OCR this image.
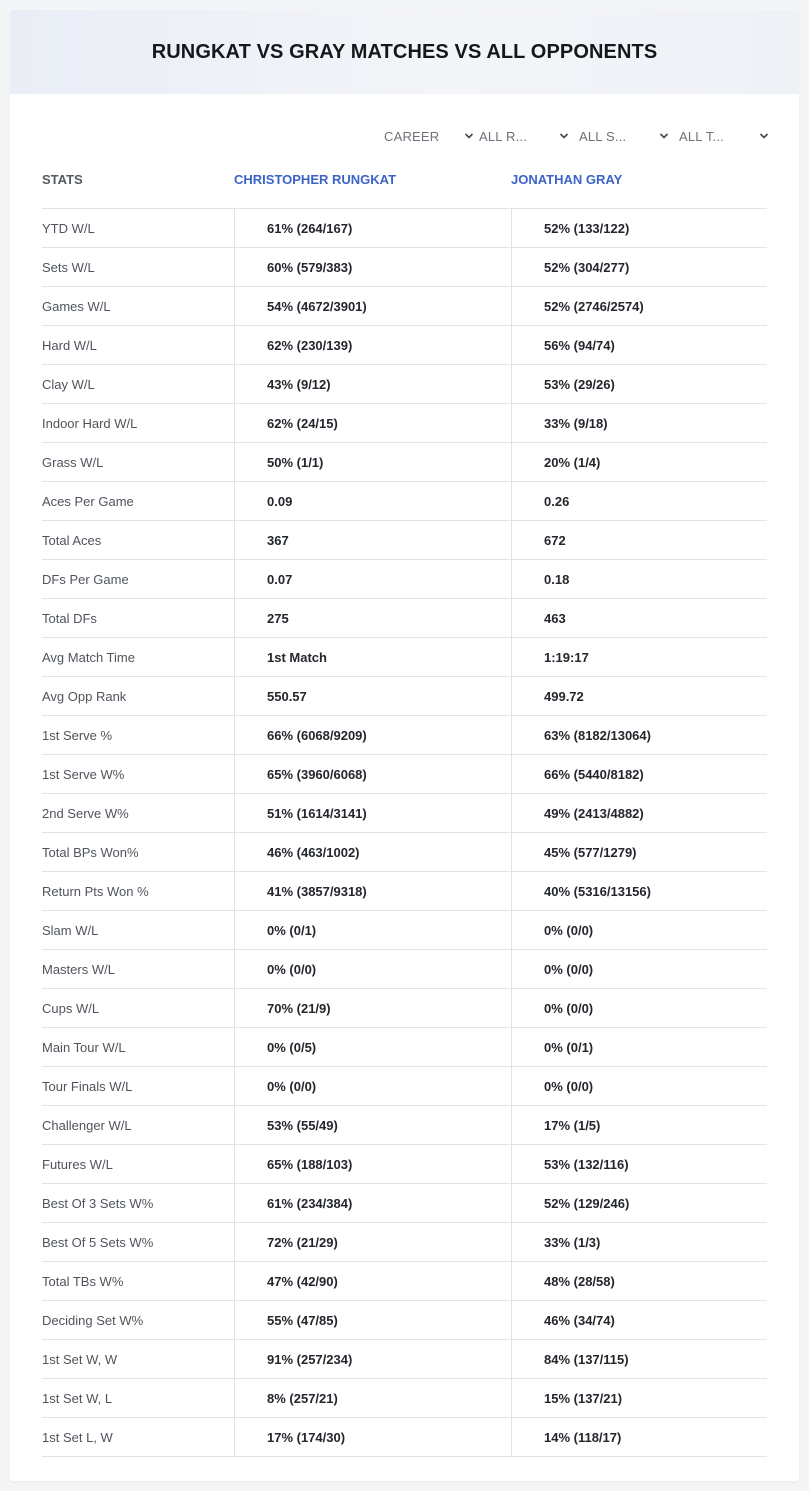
RUNGKAT VS GRAY MATCHES VS ALL OPPONENTS
CAREER	ALL R...	ALL S...	ALL T...
STATS	CHRISTOPHER RUNGKAT	JONATHAN GRAY
YTD W/L	61% (264/167)	52% (133/122)
Sets W/L	60% (579/383)	52% (304/277)
Games W/L	54% (4672/3901)	52% (2746/2574)
Hard W/L	62% (230/139)	56% (94/74)
Clay W/L	43% (9/12)	53% (29/26)
Indoor Hard W/L	62% (24/15)	33% (9/18)
Grass W/L	50% (1/1)	20% (1/4)
Aces Per Game	0.09	0.26
Total Aces	367	672
DFs Per Game	0.07	0.18
Total DFs	275	463
Avg Match Time	1st Match	1:19:17
Avg Opp Rank	550.57	499.72
1st Serve %	66% (6068/9209)	63% (8182/13064)
1st Serve W%	65% (3960/6068)	66% (5440/8182)
2nd Serve W%	51% (1614/3141)	49% (2413/4882)
Total BPs Won%	46% (463/1002)	45% (577/1279)
Return Pts Won %	41% (3857/9318)	40% (5316/13156)
Slam W/L	0% (0/1)	0% (0/0)
Masters W/L	0% (0/0)	0% (0/0)
Cups W/L	70% (21/9)	0% (0/0)
Main Tour W/L	0% (0/5)	0% (0/1)
Tour Finals W/L	0% (0/0)	0% (0/0)
Challenger W/L	53% (55/49)	17% (1/5)
Futures W/L	65% (188/103)	53% (132/116)
Best Of 3 Sets W%	61% (234/384)	52% (129/246)
Best Of 5 Sets W%	72% (21/29)	33% (1/3)
Total TBs W%	47% (42/90)	48% (28/58)
Deciding Set W%	55% (47/85)	46% (34/74)
1st Set W, W	91% (257/234)	84% (137/115)
1st Set W, L	8% (257/21)	15% (137/21)
1st Set L, W	17% (174/30)	14% (118/17)
